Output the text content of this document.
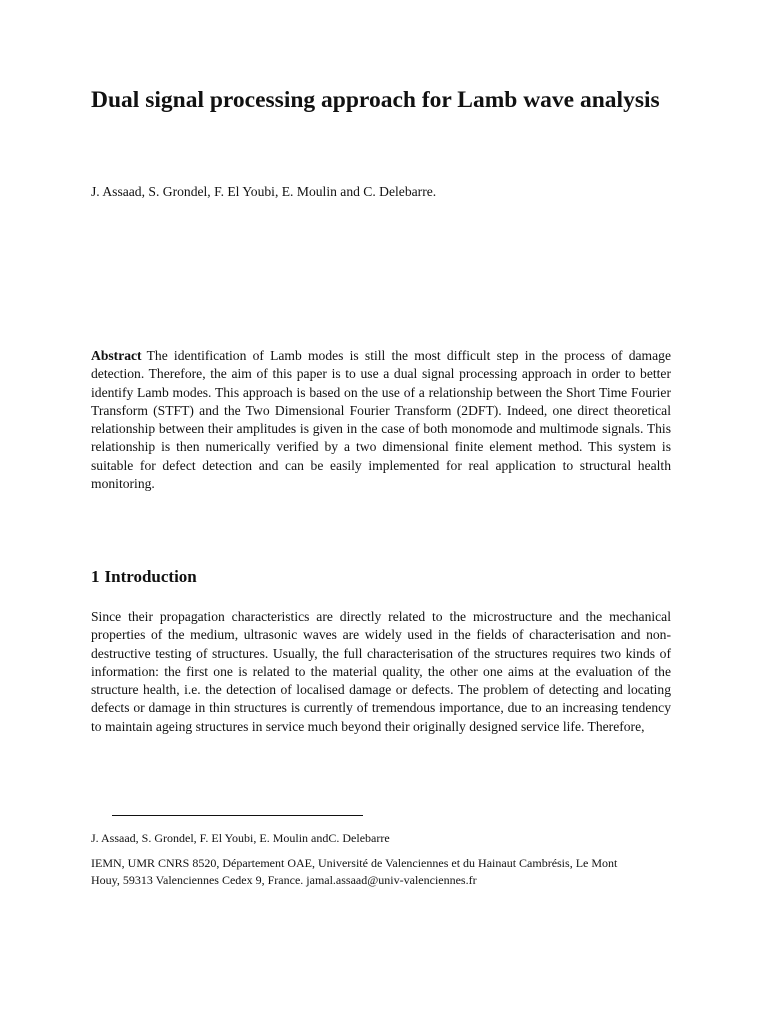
Dual signal processing approach for Lamb wave analysis

J. Assaad, S. Grondel, F. El Youbi, E. Moulin and C. Delebarre.

Abstract The identification of Lamb modes is still the most difficult step in the process of damage detection. Therefore, the aim of this paper is to use a dual signal processing approach in order to better identify Lamb modes. This approach is based on the use of a relationship between the Short Time Fourier Transform (STFT) and the Two Dimensional Fourier Transform (2DFT). Indeed, one direct theoretical relationship between their amplitudes is given in the case of both monomode and multimode signals. This relationship is then numerically verified by a two dimensional finite element method. This system is suitable for defect detection and can be easily implemented for real application to structural health monitoring.

1 Introduction

Since their propagation characteristics are directly related to the microstructure and the mechanical properties of the medium, ultrasonic waves are widely used in the fields of characterisation and non-destructive testing of structures. Usually, the full characterisation of the structures requires two kinds of information: the first one is related to the material quality, the other one aims at the evaluation of the structure health, i.e. the detection of localised damage or defects. The problem of detecting and locating defects or damage in thin structures is currently of tremendous importance, due to an increasing tendency to maintain ageing structures in service much beyond their originally designed service life. Therefore,

J. Assaad, S. Grondel, F. El Youbi, E. Moulin andC. Delebarre

IEMN, UMR CNRS 8520, Département OAE, Université de Valenciennes et du Hainaut Cambrésis, Le Mont Houy, 59313 Valenciennes Cedex 9, France. jamal.assaad@univ-valenciennes.fr
